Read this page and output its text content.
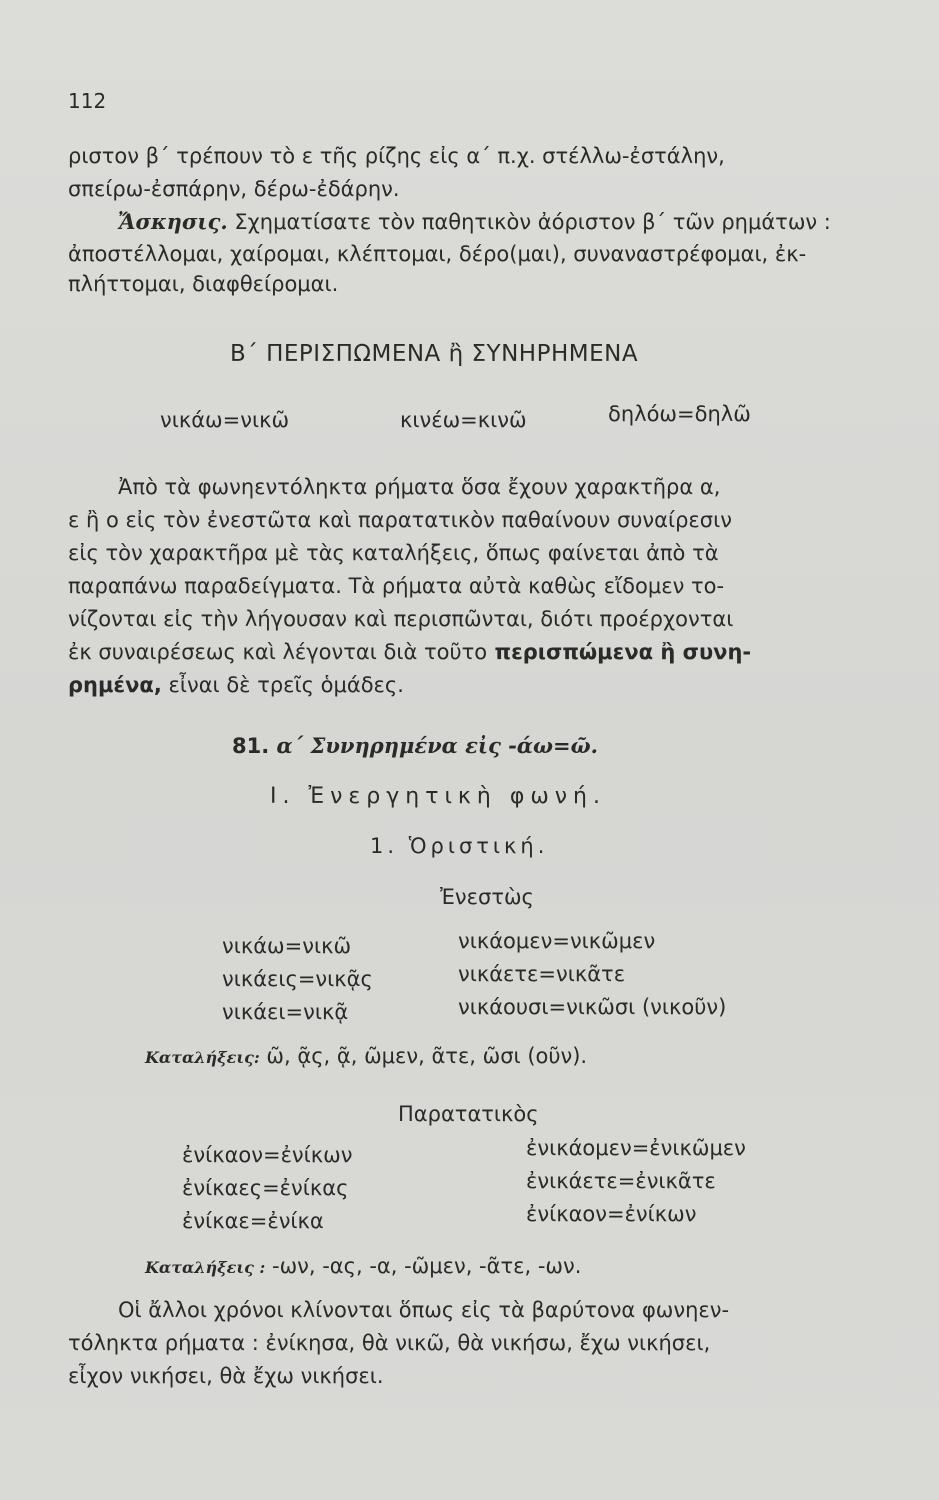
112
ριστον β΄ τρέπουν τὸ ε τῆς ρίζης εἰς α΄ π.χ. στέλλω-ἐστάλην,
σπείρω-ἐσπάρην, δέρω-ἐδάρην.
Ἄσκησις. Σχηματίσατε τὸν παθητικὸν ἀόριστον β΄ τῶν ρημάτων :
ἀποστέλλομαι, χαίρομαι, κλέπτομαι, δέρο(μαι), συναναστρέφομαι, ἐκ-
πλήττομαι, διαφθείρομαι.
Β΄ ΠΕΡΙΣΠΩΜΕΝΑ ἢ ΣΥΝΗΡΗΜΕΝΑ
νικάω=νικῶ	κινέω=κινῶ	δηλόω=δηλῶ
Ἀπὸ τὰ φωνηεντόληκτα ρήματα ὅσα ἔχουν χαρακτῆρα α,
ε ἢ ο εἰς τὸν ἐνεστῶτα καὶ παρατατικὸν παθαίνουν συναίρεσιν
εἰς τὸν χαρακτῆρα μὲ τὰς καταλήξεις, ὅπως φαίνεται ἀπὸ τὰ
παραπάνω παραδείγματα. Τὰ ρήματα αὐτὰ καθὼς εἴδομεν το-
νίζονται εἰς τὴν λήγουσαν καὶ περισπῶνται, διότι προέρχονται
ἐκ συναιρέσεως καὶ λέγονται διὰ τοῦτο περισπώμενα ἢ συνη-
ρημένα, εἶναι δὲ τρεῖς ὁμάδες.
81. α΄ Συνηρημένα εἰς -άω=ῶ.
Ι. Ἐνεργητικὴ φωνή.
1. Ὁριστική.
Ἐνεστὼς
νικάω=νικῶ
νικάεις=νικᾷς
νικάει=νικᾷ
νικάομεν=νικῶμεν
νικάετε=νικᾶτε
νικάουσι=νικῶσι (νικοῦν)
Καταλήξεις: ῶ, ᾷς, ᾷ, ῶμεν, ᾶτε, ῶσι (οῦν).
Παρατατικὸς
ἐνίκαον=ἐνίκων
ἐνίκαες=ἐνίκας
ἐνίκαε=ἐνίκα
ἐνικάομεν=ἐνικῶμεν
ἐνικάετε=ἐνικᾶτε
ἐνίκαον=ἐνίκων
Καταλήξεις : -ων, -ας, -α, -ῶμεν, -ᾶτε, -ων.
Οἱ ἄλλοι χρόνοι κλίνονται ὅπως εἰς τὰ βαρύτονα φωνηεν-
τόληκτα ρήματα : ἐνίκησα, θὰ νικῶ, θὰ νικήσω, ἔχω νικήσει,
εἶχον νικήσει, θὰ ἔχω νικήσει.
